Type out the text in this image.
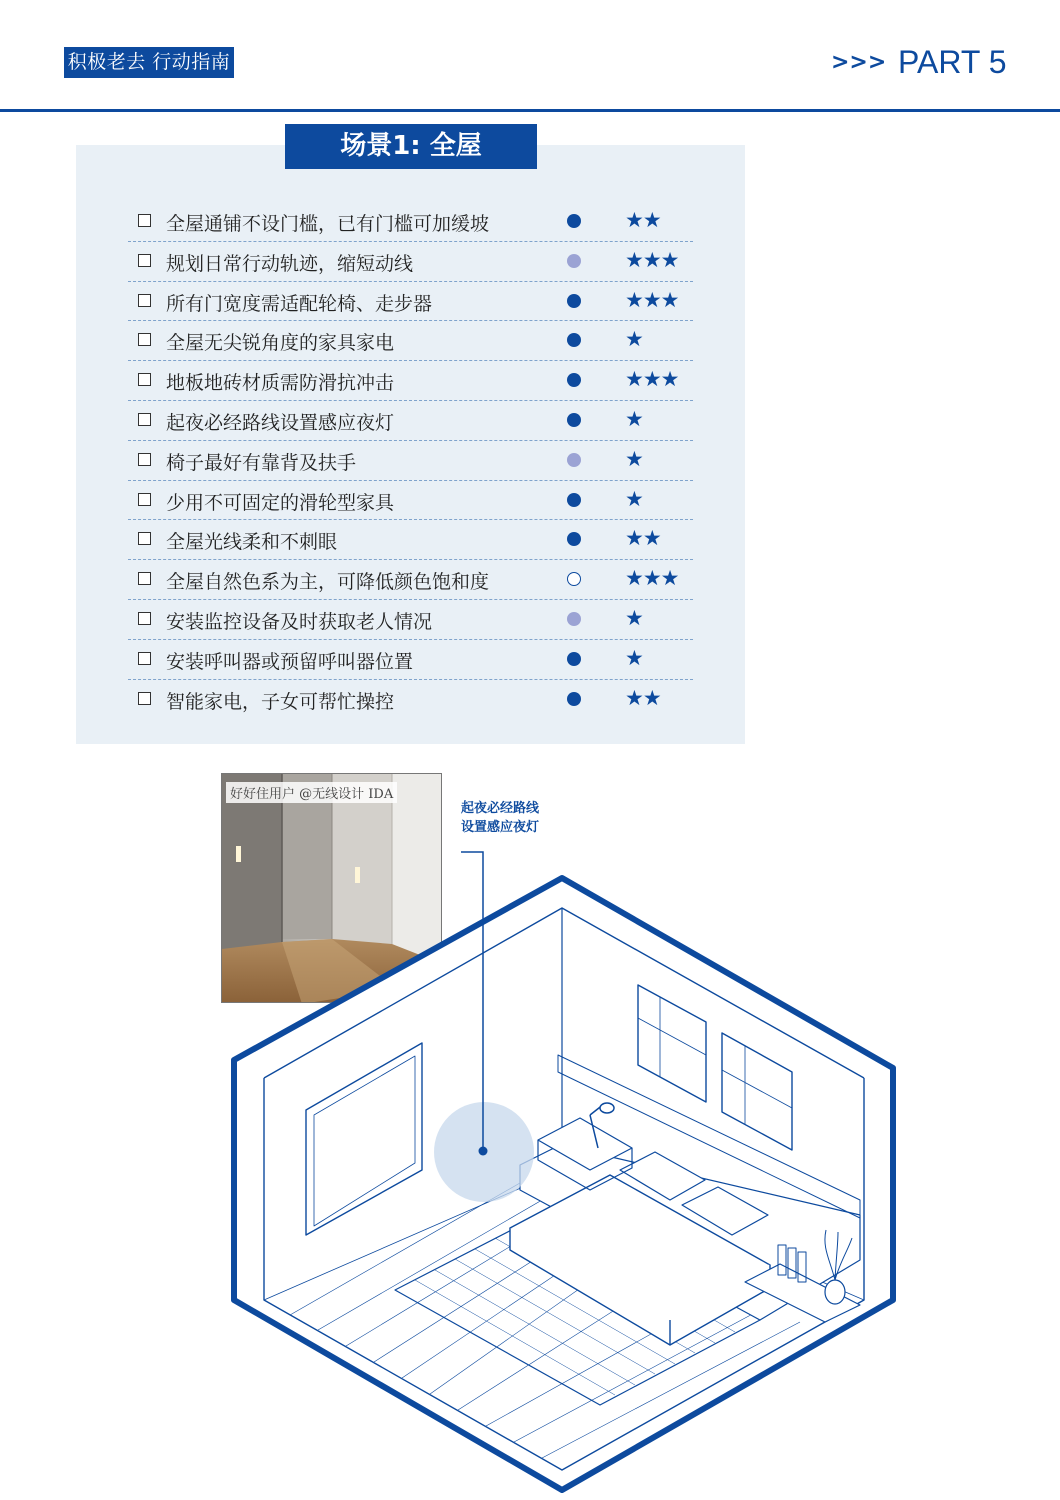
积极老去 行动指南	>>> PART 5
场景1: 全屋
全屋通铺不设门槛，已有门槛可加缓坡	★★
规划日常行动轨迹，缩短动线	★★★
所有门宽度需适配轮椅、走步器	★★★
全屋无尖锐角度的家具家电	★
地板地砖材质需防滑抗冲击	★★★
起夜必经路线设置感应夜灯	★
椅子最好有靠背及扶手	★
少用不可固定的滑轮型家具	★
全屋光线柔和不刺眼	★★
全屋自然色系为主，可降低颜色饱和度	★★★
安装监控设备及时获取老人情况	★
安装呼叫器或预留呼叫器位置	★
智能家电，子女可帮忙操控	★★
好好住用户 @无线设计 IDA
起夜必经路线
设置感应夜灯
